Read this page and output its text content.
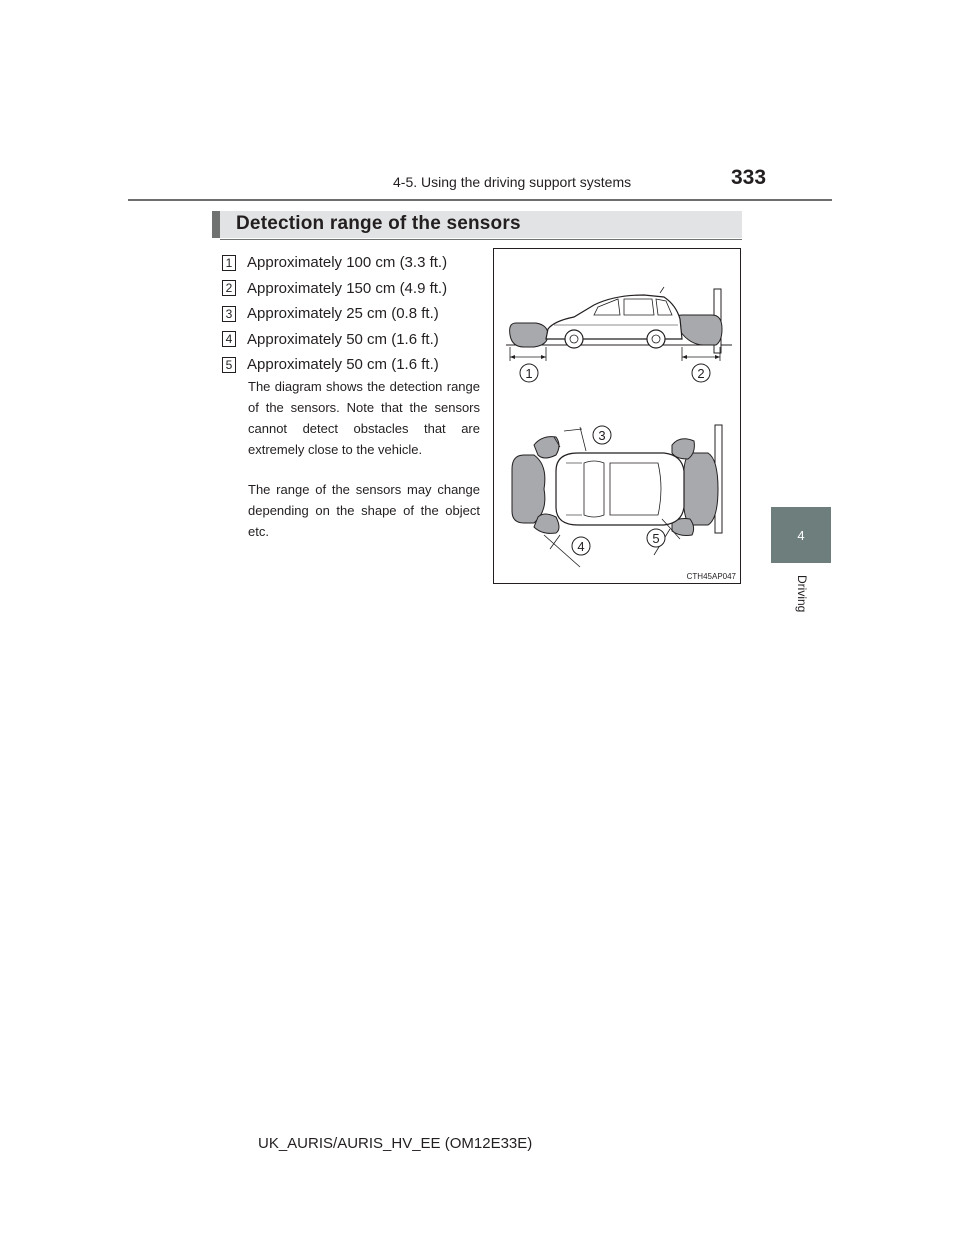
4-5. Using the driving support systems	333
4
Driving
Detection range of the sensors
1 Approximately 100 cm (3.3 ft.)
2 Approximately 150 cm (4.9 ft.)
3 Approximately 25 cm (0.8 ft.)
4 Approximately 50 cm (1.6 ft.)
5 Approximately 50 cm (1.6 ft.)
The diagram shows the detection range of the sensors. Note that the sensors cannot detect obstacles that are extremely close to the vehicle.
The range of the sensors may change depending on the shape of the object etc.
1	2
3
4
5
CTH45AP047
UK_AURIS/AURIS_HV_EE (OM12E33E)
